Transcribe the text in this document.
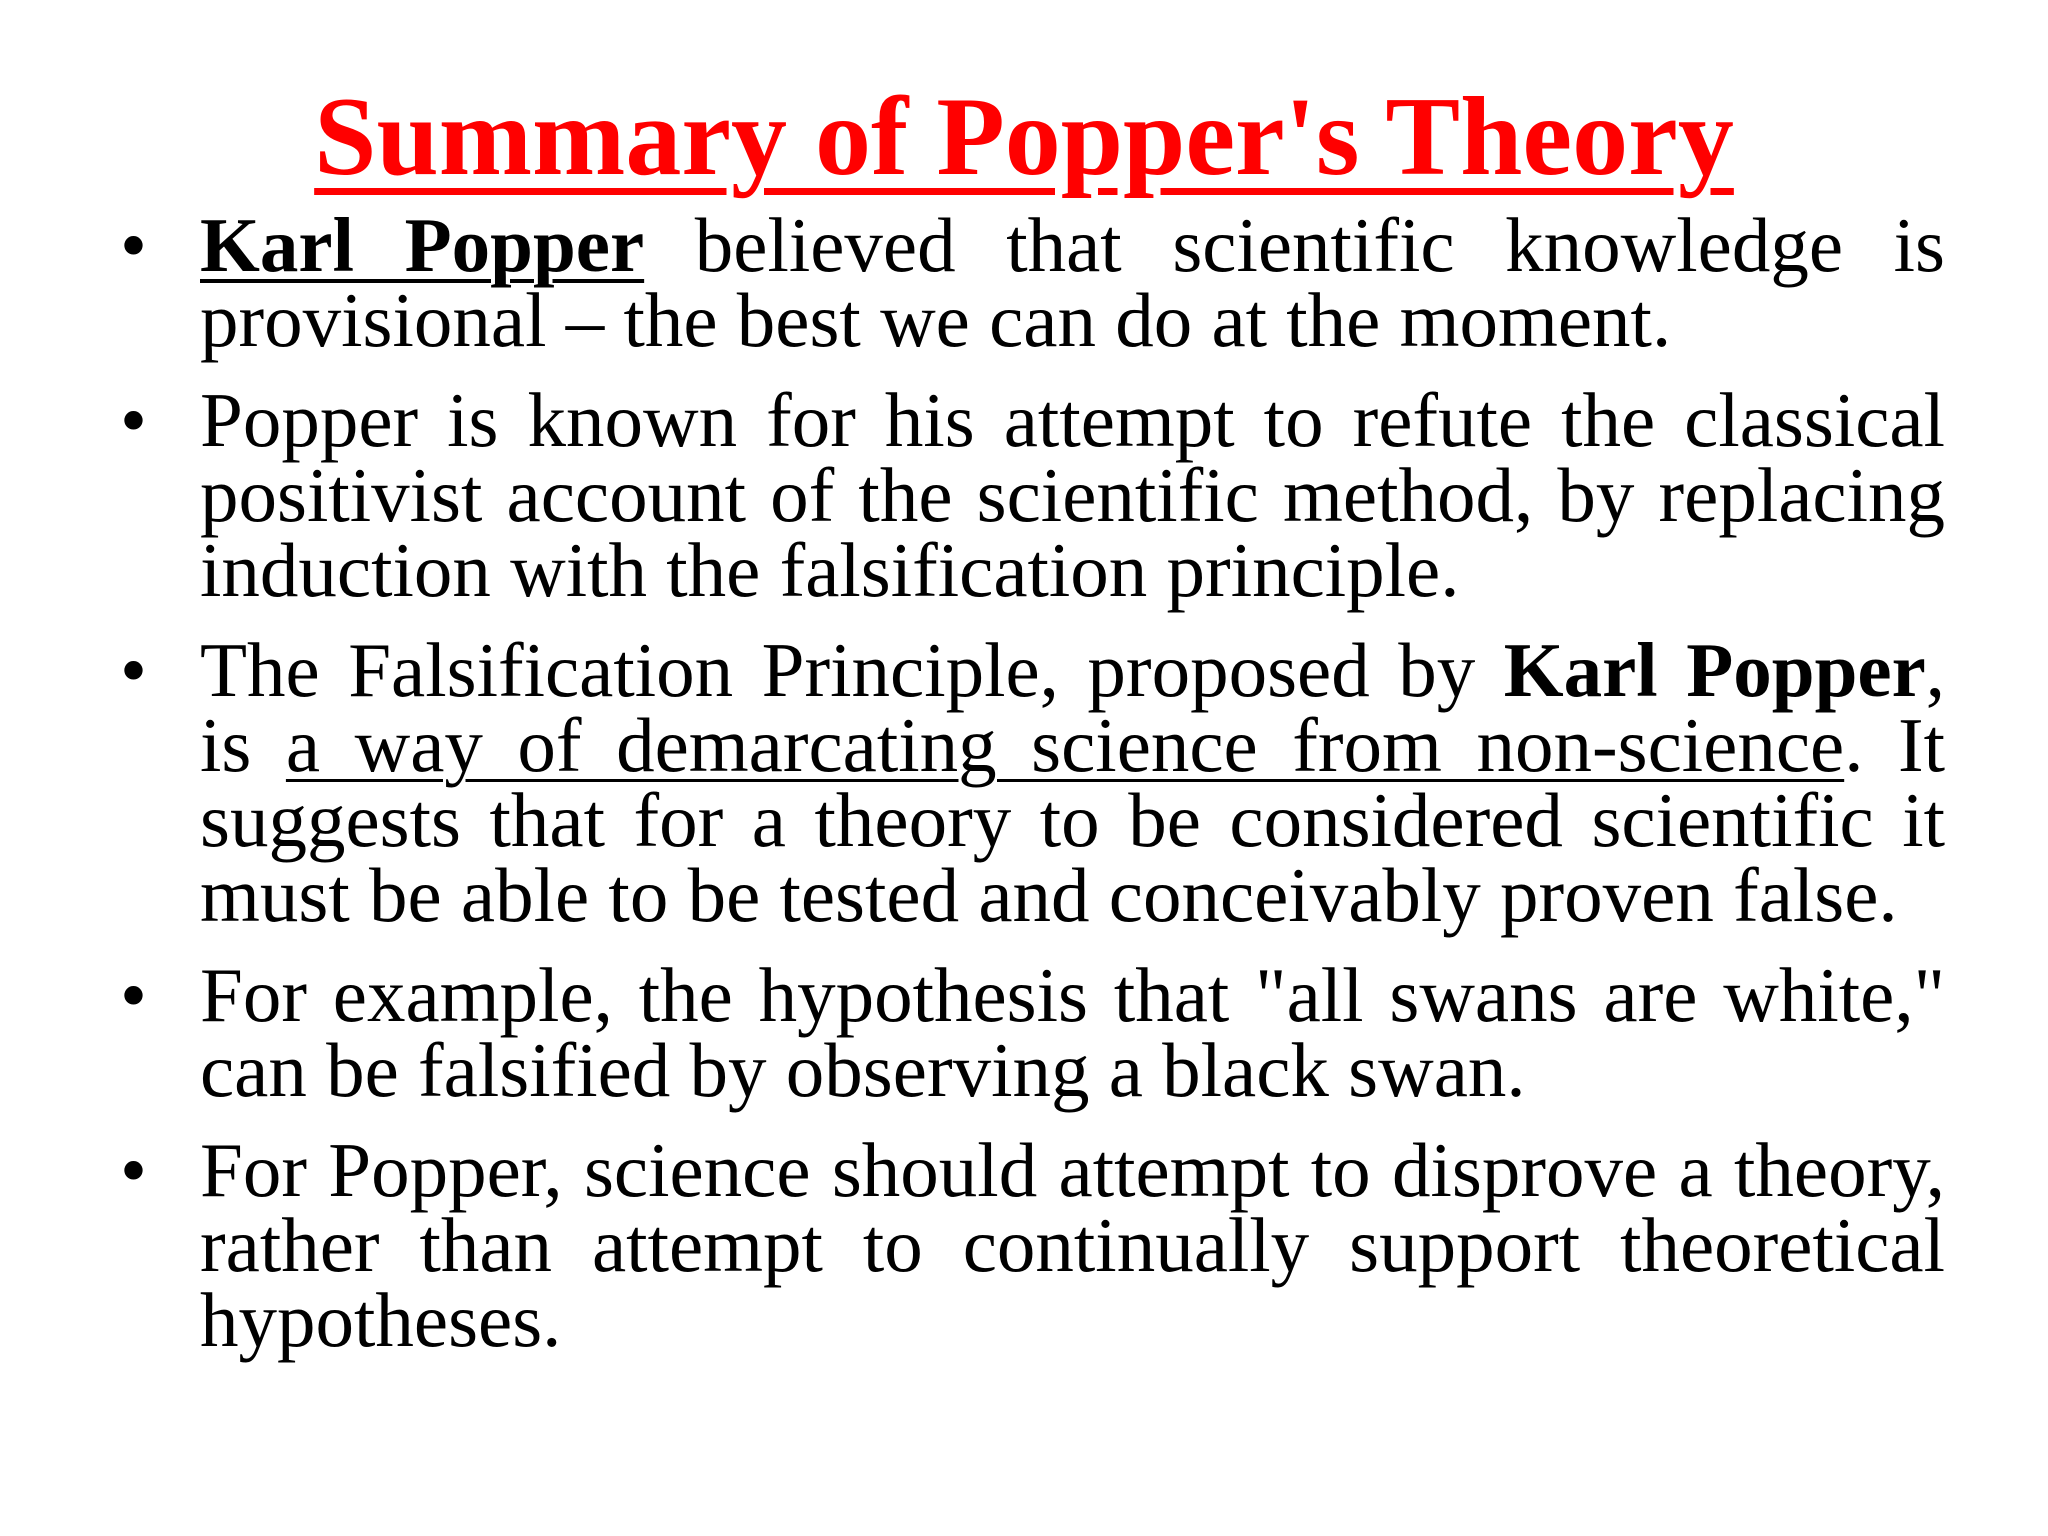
Summary of Popper's Theory
• Karl Popper believed that scientific knowledge is provisional – the best we can do at the moment.
• Popper is known for his attempt to refute the classical positivist account of the scientific method, by replacing induction with the falsification principle.
• The Falsification Principle, proposed by Karl Popper, is a way of demarcating science from non-science. It suggests that for a theory to be considered scientific it must be able to be tested and conceivably proven false.
• For example, the hypothesis that "all swans are white," can be falsified by observing a black swan.
• For Popper, science should attempt to disprove a theory, rather than attempt to continually support theoretical hypotheses.
